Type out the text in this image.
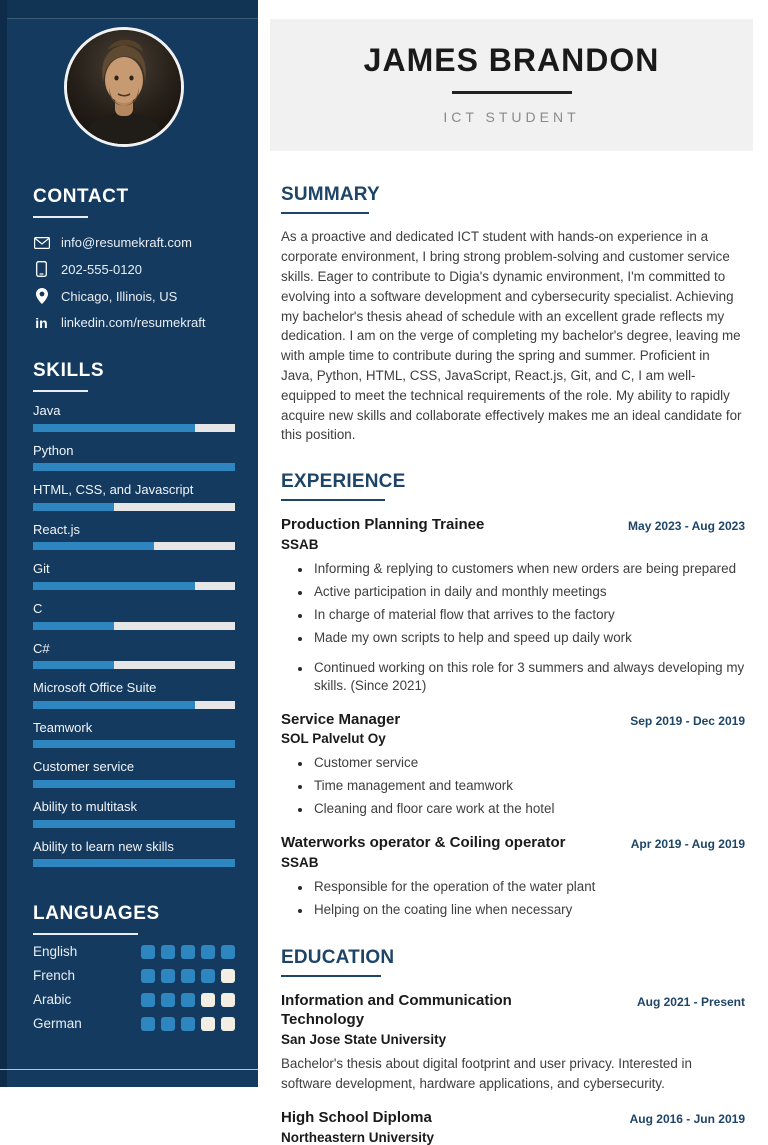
CONTACT
info@resumekraft.com
202-555-0120
Chicago, Illinois, US
in linkedin.com/resumekraft
SKILLS
Java
Python
HTML, CSS, and Javascript
React.js
Git
C
C#
Microsoft Office Suite
Teamwork
Customer service
Ability to multitask
Ability to learn new skills
LANGUAGES
English
French
Arabic
German
JAMES BRANDON
ICT STUDENT
SUMMARY

As a proactive and dedicated ICT student with hands-on experience in a corporate environment, I bring strong problem-solving and customer service skills. Eager to contribute to Digia's dynamic environment, I'm committed to evolving into a software development and cybersecurity specialist. Achieving my bachelor's thesis ahead of schedule with an excellent grade reflects my dedication. I am on the verge of completing my bachelor's degree, leaving me with ample time to contribute during the spring and summer. Proficient in Java, Python, HTML, CSS, JavaScript, React.js, Git, and C, I am well-equipped to meet the technical requirements of the role. My ability to rapidly acquire new skills and collaborate effectively makes me an ideal candidate for this position.

EXPERIENCE
Production Planning Trainee
SSAB
May 2023 - Aug 2023
• Informing & replying to customers when new orders are being prepared
• Active participation in daily and monthly meetings
• In charge of material flow that arrives to the factory
• Made my own scripts to help and speed up daily work
• Continued working on this role for 3 summers and always developing my skills. (Since 2021)
Service Manager
SOL Palvelut Oy
Sep 2019 - Dec 2019
• Customer service
• Time management and teamwork
• Cleaning and floor care work at the hotel
Waterworks operator & Coiling operator
SSAB
Apr 2019 - Aug 2019
• Responsible for the operation of the water plant
• Helping on the coating line when necessary
EDUCATION
Information and Communication Technology
San Jose State University
Aug 2021 - Present

Bachelor's thesis about digital footprint and user privacy. Interested in software development, hardware applications, and cybersecurity.

High School Diploma
Northeastern University
Aug 2016 - Jun 2019
